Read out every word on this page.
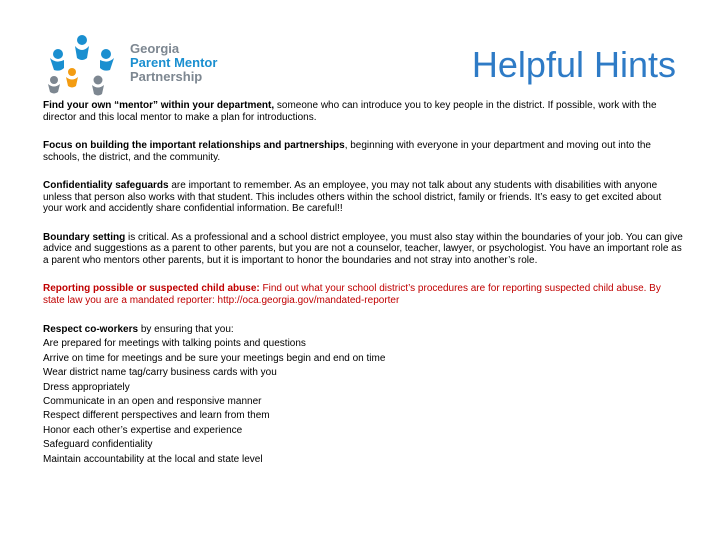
Georgia
Parent Mentor
Partnership	Helpful Hints

Find your own “mentor” within your department, someone who can introduce you to key people in the district. If possible, work with the director and this local mentor to make a plan for introductions.

Focus on building the important relationships and partnerships, beginning with everyone in your department and moving out into the schools, the district, and the community.

Confidentiality safeguards are important to remember. As an employee, you may not talk about any students with disabilities with anyone unless that person also works with that student. This includes others within the school district, family or friends. It’s easy to get excited about your work and accidently share confidential information. Be careful!!

Boundary setting is critical. As a professional and a school district employee, you must also stay within the boundaries of your job. You can give advice and suggestions as a parent to other parents, but you are not a counselor, teacher, lawyer, or psychologist. You have an important role as a parent who mentors other parents, but it is important to honor the boundaries and not stray into another’s role.

Reporting possible or suspected child abuse: Find out what your school district’s procedures are for reporting suspected child abuse. By state law you are a mandated reporter: http://oca.georgia.gov/mandated-reporter

Respect co-workers by ensuring that you:
Are prepared for meetings with talking points and questions
Arrive on time for meetings and be sure your meetings begin and end on time
Wear district name tag/carry business cards with you
Dress appropriately
Communicate in an open and responsive manner
Respect different perspectives and learn from them
Honor each other’s expertise and experience
Safeguard confidentiality
Maintain accountability at the local and state level
